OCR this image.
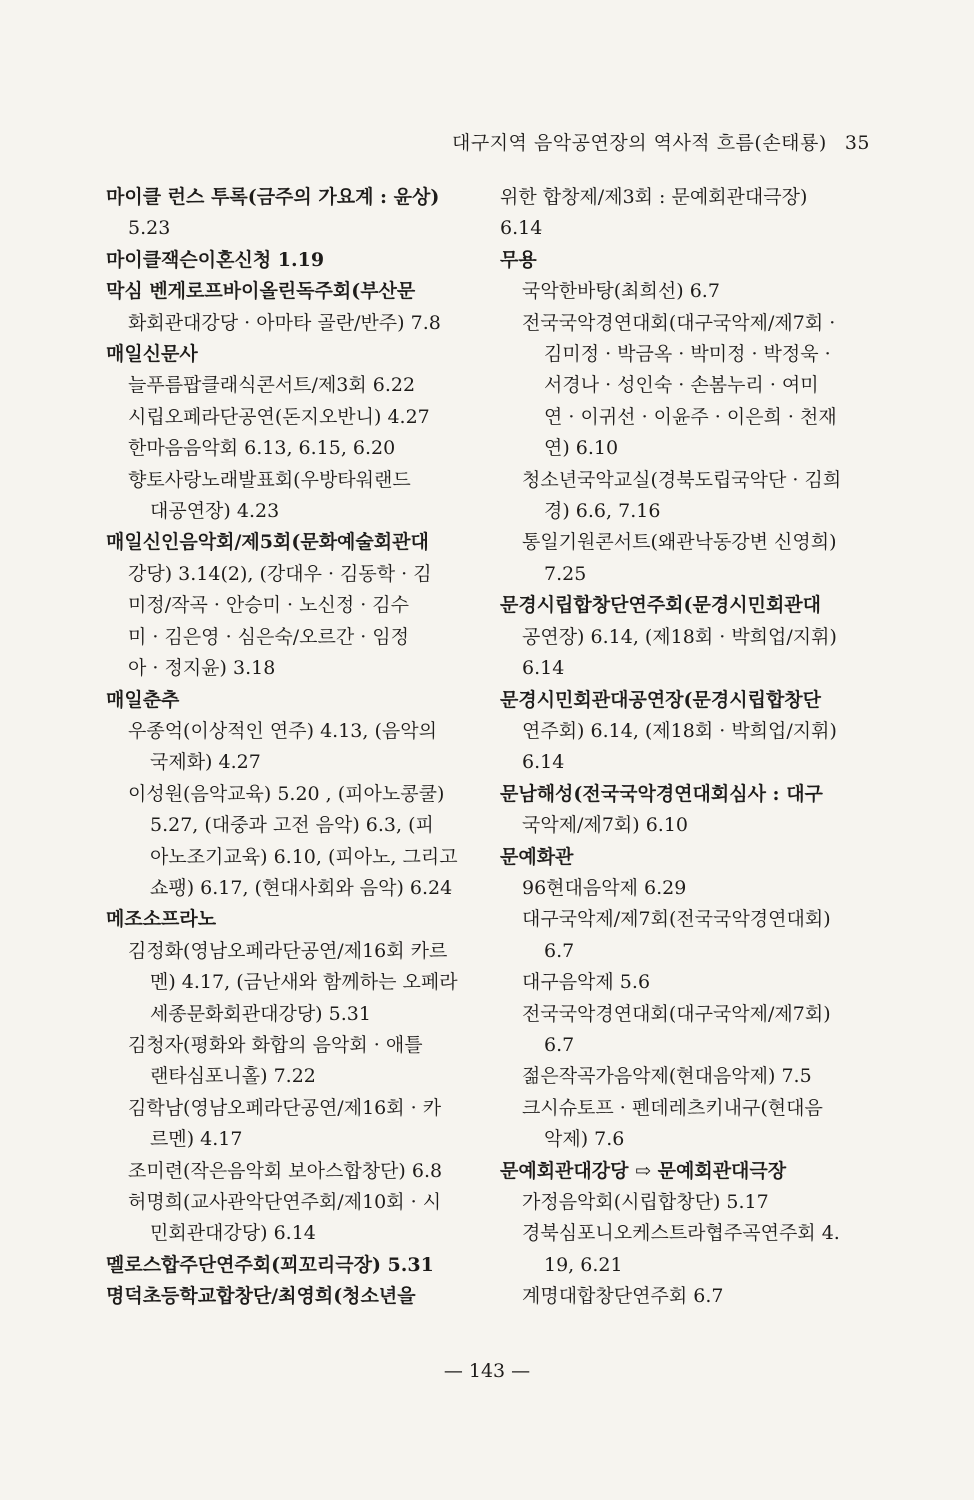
대구지역 음악공연장의 역사적 흐름(손태룡) 35
마이클 런스 투록(금주의 가요계 : 윤상)
5.23
마이클잭슨이혼신청 1.19
막심 벤게로프바이올린독주회(부산문
화회관대강당 · 아마타 골란/반주) 7.8
매일신문사
늘푸름팝클래식콘서트/제3회 6.22
시립오페라단공연(돈지오반니) 4.27
한마음음악회 6.13, 6.15, 6.20
향토사랑노래발표회(우방타워랜드
대공연장) 4.23
매일신인음악회/제5회(문화예술회관대
강당) 3.14(2), (강대우 · 김동학 · 김
미정/작곡 · 안승미 · 노신정 · 김수
미 · 김은영 · 심은숙/오르간 · 임정
아 · 정지윤) 3.18
매일춘추
우종억(이상적인 연주) 4.13, (음악의
국제화) 4.27
이성원(음악교육) 5.20 , (피아노콩쿨)
5.27, (대중과 고전 음악) 6.3, (피
아노조기교육) 6.10, (피아노, 그리고
쇼팽) 6.17, (현대사회와 음악) 6.24
메조소프라노
김정화(영남오페라단공연/제16회 카르
멘) 4.17, (금난새와 함께하는 오페라
세종문화회관대강당) 5.31
김청자(평화와 화합의 음악회 · 애틀
랜타심포니홀) 7.22
김학남(영남오페라단공연/제16회 · 카
르멘) 4.17
조미련(작은음악회 보아스합창단) 6.8
허명희(교사관악단연주회/제10회 · 시
민회관대강당) 6.14
멜로스합주단연주회(꾀꼬리극장) 5.31
명덕초등학교합창단/최영희(청소년을
위한 합창제/제3회 : 문예회관대극장)
6.14
무용
국악한바탕(최희선) 6.7
전국국악경연대회(대구국악제/제7회 ·
김미정 · 박금옥 · 박미정 · 박정욱 ·
서경나 · 성인숙 · 손봄누리 · 여미
연 · 이귀선 · 이윤주 · 이은희 · 천재
연) 6.10
청소년국악교실(경북도립국악단 · 김희
경) 6.6, 7.16
통일기원콘서트(왜관낙동강변 신영희)
7.25
문경시립합창단연주회(문경시민회관대
공연장) 6.14, (제18회 · 박희업/지휘)
6.14
문경시민회관대공연장(문경시립합창단
연주회) 6.14, (제18회 · 박희업/지휘)
6.14
문남해성(전국국악경연대회심사 : 대구
국악제/제7회) 6.10
문예화관
96현대음악제 6.29
대구국악제/제7회(전국국악경연대회)
6.7
대구음악제 5.6
전국국악경연대회(대구국악제/제7회)
6.7
젊은작곡가음악제(현대음악제) 7.5
크시슈토프 · 펜데레츠키내구(현대음
악제) 7.6
문예회관대강당 ⇨ 문예회관대극장
가정음악회(시립합창단) 5.17
경북심포니오케스트라협주곡연주회 4.
19, 6.21
계명대합창단연주회 6.7
— 143 —
